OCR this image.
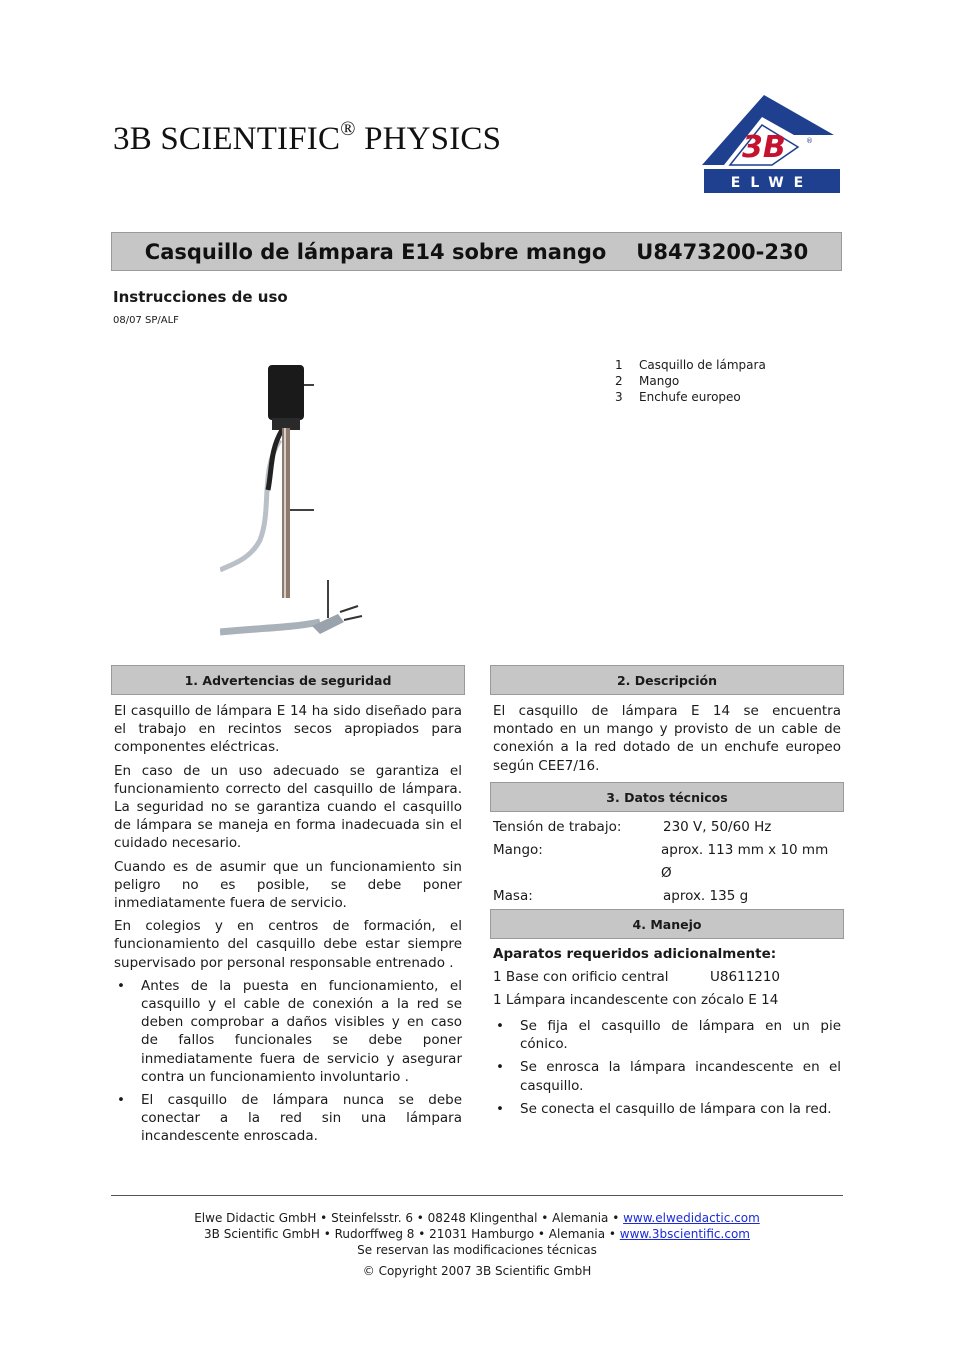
3B SCIENTIFIC® PHYSICS	3B	®
ELWE
Casquillo de lámpara E14 sobre mango U8473200-230
Instrucciones de uso
08/07 SP/ALF
1	Casquillo de lámpara
2	Mango
3	Enchufe europeo
1. Advertencias de seguridad

El casquillo de lámpara E 14 ha sido diseñado para el trabajo en recintos secos apropiados para componentes eléctricas.

En caso de un uso adecuado se garantiza el funcionamiento correcto del casquillo de lámpara. La seguridad no se garantiza cuando el casquillo de lámpara se maneja en forma inadecuada sin el cuidado necesario.

Cuando es de asumir que un funcionamiento sin peligro no es posible, se debe poner inmediatamente fuera de servicio.

En colegios y en centros de formación, el funcionamiento del casquillo debe estar siempre supervisado por personal responsable entrenado .

• Antes de la puesta en funcionamiento, el casquillo y el cable de conexión a la red se deben comprobar a daños visibles y en caso de fallos funcionales se debe poner inmediatamente fuera de servicio y asegurar contra un funcionamiento involuntario .
• El casquillo de lámpara nunca se debe conectar a la red sin una lámpara incandescente enroscada.
2. Descripción

El casquillo de lámpara E 14 se encuentra montado en un mango y provisto de un cable de conexión a la red dotado de un enchufe europeo según CEE7/16.

3. Datos técnicos
Tensión de trabajo:	230 V, 50/60 Hz
Mango:	aprox. 113 mm x 10 mm Ø
Masa:	aprox. 135 g
4. Manejo
Aparatos requeridos adicionalmente:
1 Base con orificio central	U8611210
1 Lámpara incandescente con zócalo E 14
• Se fija el casquillo de lámpara en un pie cónico.
• Se enrosca la lámpara incandescente en el casquillo.
• Se conecta el casquillo de lámpara con la red.
Elwe Didactic GmbH • Steinfelsstr. 6 • 08248 Klingenthal • Alemania • www.elwedidactic.com
3B Scientific GmbH • Rudorffweg 8 • 21031 Hamburgo • Alemania • www.3bscientific.com
Se reservan las modificaciones técnicas
© Copyright 2007 3B Scientific GmbH
